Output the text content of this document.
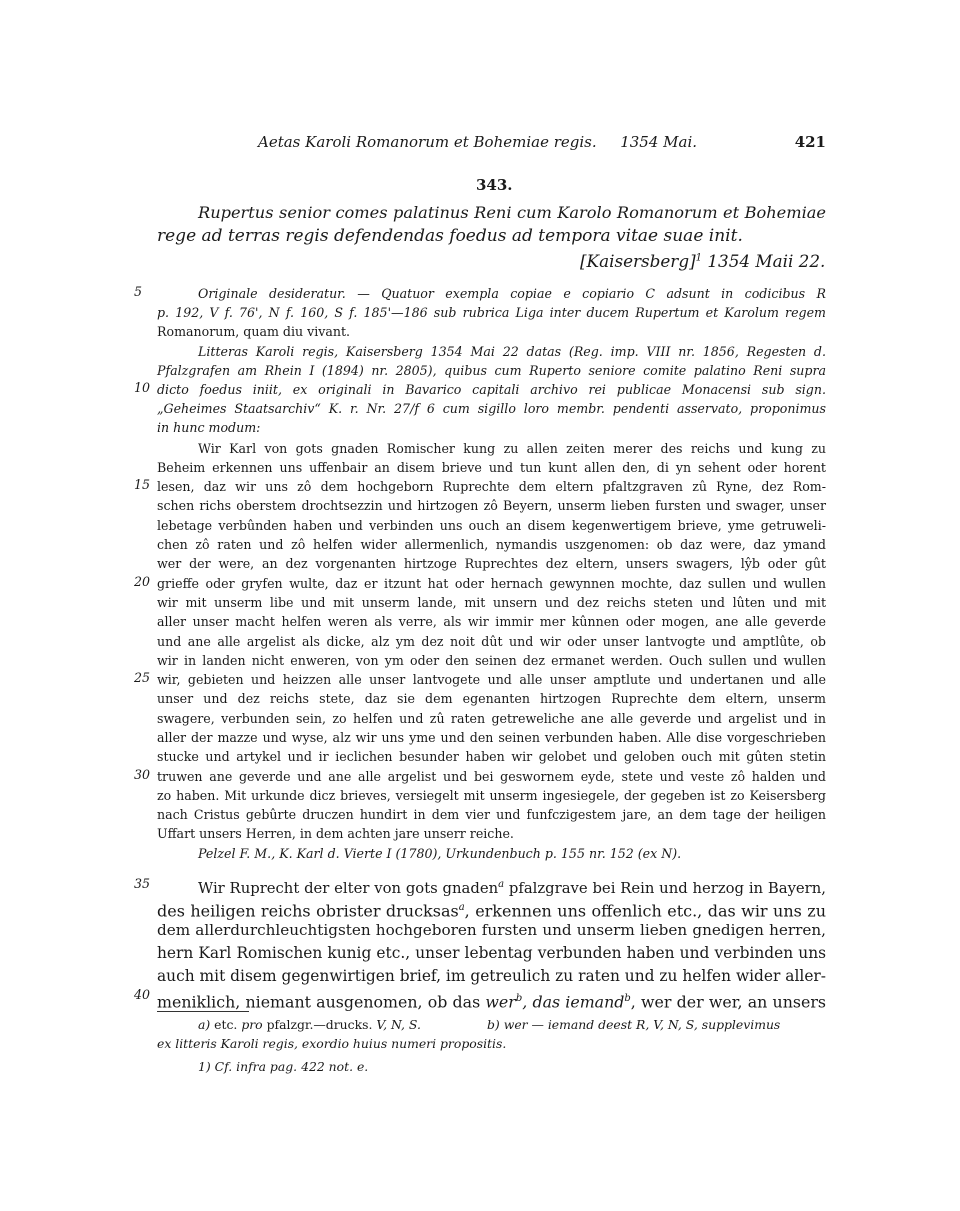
Aetas Karoli Romanorum et Bohemiae regis. 1354 Mai.	421
343.
Rupertus senior comes palatinus Reni cum Karolo Romanorum et Bohemiae
rege ad terras regis defendendas foedus ad tempora vitae suae init.
[Kaisersberg]$^1$ 1354 Maii 22.
5
10
15
20
25
30
35
40
Originale desideratur. — Quatuor exempla copiae e copiario C adsunt in codicibus R
p. 192, V f. 76', N f. 160, S f. 185'—186 sub rubrica Liga inter ducem Rupertum et Karolum regem
Romanorum, quam diu vivant.
Litteras Karoli regis, Kaisersberg 1354 Mai 22 datas (Reg. imp. VIII nr. 1856, Regesten d.
Pfalzgrafen am Rhein I (1894) nr. 2805), quibus cum Ruperto seniore comite palatino Reni supra
dicto foedus iniit, ex originali in Bavarico capitali archivo rei publicae Monacensi sub sign.
„Geheimes Staatsarchiv“ K. r. Nr. 27/f 6 cum sigillo loro membr. pendenti asservato, proponimus
in hunc modum:
Wir Karl von gots gnaden Romischer kung zu allen zeiten merer des reichs und kung zu
Beheim erkennen uns uffenbair an disem brieve und tun kunt allen den, di yn sehent oder horent
lesen, daz wir uns zô dem hochgeborn Ruprechte dem eltern pfaltzgraven zû Ryne, dez Rom-
schen richs oberstem drochtsezzin und hirtzogen zô Beyern, unserm lieben fursten und swager, unser
lebetage verbûnden haben und verbinden uns ouch an disem kegenwertigem brieve, yme getruweli-
chen zô raten und zô helfen wider allermenlich, nymandis uszgenomen: ob daz were, daz ymand
wer der were, an dez vorgenanten hirtzoge Ruprechtes dez eltern, unsers swagers, lŷb oder gût
grieffe oder gryfen wulte, daz er itzunt hat oder hernach gewynnen mochte, daz sullen und wullen
wir mit unserm libe und mit unserm lande, mit unsern und dez reichs steten und lûten und mit
aller unser macht helfen weren als verre, als wir immir mer kûnnen oder mogen, ane alle geverde
und ane alle argelist als dicke, alz ym dez noit dût und wir oder unser lantvogte und amptlûte, ob
wir in landen nicht enweren, von ym oder den seinen dez ermanet werden. Ouch sullen und wullen
wir, gebieten und heizzen alle unser lantvogete und alle unser amptlute und undertanen und alle
unser und dez reichs stete, daz sie dem egenanten hirtzogen Ruprechte dem eltern, unserm
swagere, verbunden sein, zo helfen und zû raten getreweliche ane alle geverde und argelist und in
aller der mazze und wyse, alz wir uns yme und den seinen verbunden haben. Alle dise vorgeschrieben
stucke und artykel und ir ieclichen besunder haben wir gelobet und geloben ouch mit gûten stetin
truwen ane geverde und ane alle argelist und bei geswornem eyde, stete und veste zô halden und
zo haben. Mit urkunde dicz brieves, versiegelt mit unserm ingesiegele, der gegeben ist zo Keisersberg
nach Cristus gebûrte druczen hundirt in dem vier und funfczigestem jare, an dem tage der heiligen
Uffart unsers Herren, in dem achten jare unserr reiche.
Pelzel F. M., K. Karl d. Vierte I (1780), Urkundenbuch p. 155 nr. 152 (ex N).
Wir Ruprecht der elter von gots gnaden$^a$ pfalzgrave bei Rein und herzog in Bayern,
des heiligen reichs obrister drucksas$^a$, erkennen uns offenlich etc., das wir uns zu
dem allerdurchleuchtigsten hochgeboren fursten und unserm lieben gnedigen herren,
hern Karl Romischen kunig etc., unser lebentag verbunden haben und verbinden uns
auch mit disem gegenwirtigen brief, im getreulich zu raten und zu helfen wider aller-
meniklich, niemant ausgenomen, ob das wer$^b$, das iemand$^b$, wer der wer, an unsers
a) etc. pro pfalzgr.—drucks. V, N, S.	b) wer — iemand deest R, V, N, S, supplevimus
ex litteris Karoli regis, exordio huius numeri propositis.
1) Cf. infra pag. 422 not. e.
